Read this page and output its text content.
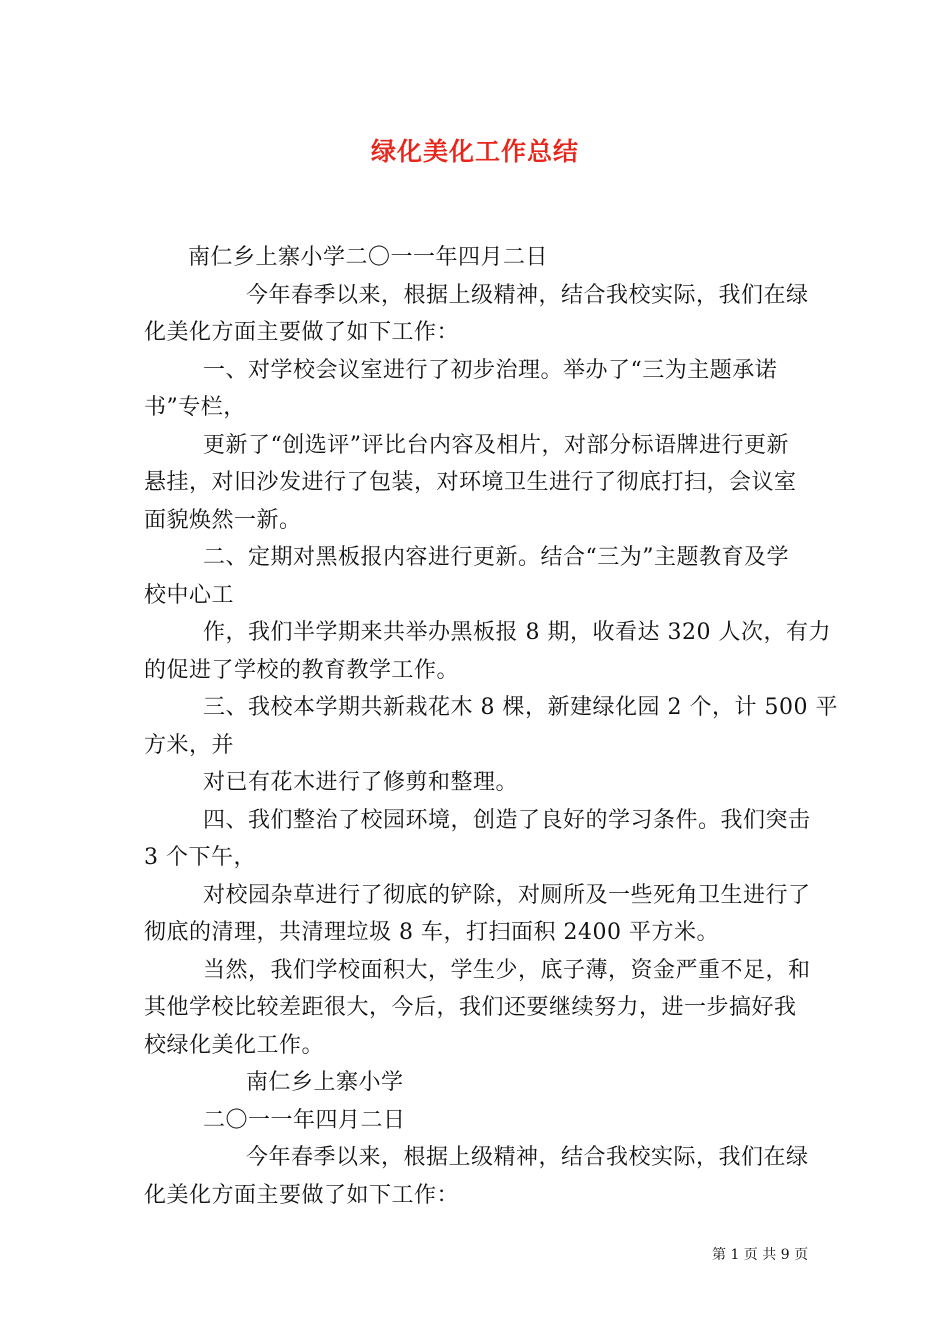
绿化美化工作总结
南仁乡上寨小学二〇一一年四月二日
今年春季以来，根据上级精神，结合我校实际，我们在绿
化美化方面主要做了如下工作：
一、对学校会议室进行了初步治理。举办了“三为主题承诺
书”专栏，
更新了“创选评”评比台内容及相片，对部分标语牌进行更新
悬挂，对旧沙发进行了包装，对环境卫生进行了彻底打扫，会议室
面貌焕然一新。
二、定期对黑板报内容进行更新。结合“三为”主题教育及学
校中心工
作，我们半学期来共举办黑板报 8 期，收看达 320 人次，有力
的促进了学校的教育教学工作。
三、我校本学期共新栽花木 8 棵，新建绿化园 2 个，计 500 平
方米，并
对已有花木进行了修剪和整理。
四、我们整治了校园环境，创造了良好的学习条件。我们突击
3 个下午，
对校园杂草进行了彻底的铲除，对厕所及一些死角卫生进行了
彻底的清理，共清理垃圾 8 车，打扫面积 2400 平方米。
当然，我们学校面积大，学生少，底子薄，资金严重不足，和
其他学校比较差距很大，今后，我们还要继续努力，进一步搞好我
校绿化美化工作。
南仁乡上寨小学
二〇一一年四月二日
今年春季以来，根据上级精神，结合我校实际，我们在绿
化美化方面主要做了如下工作：
第 1 页 共 9 页
